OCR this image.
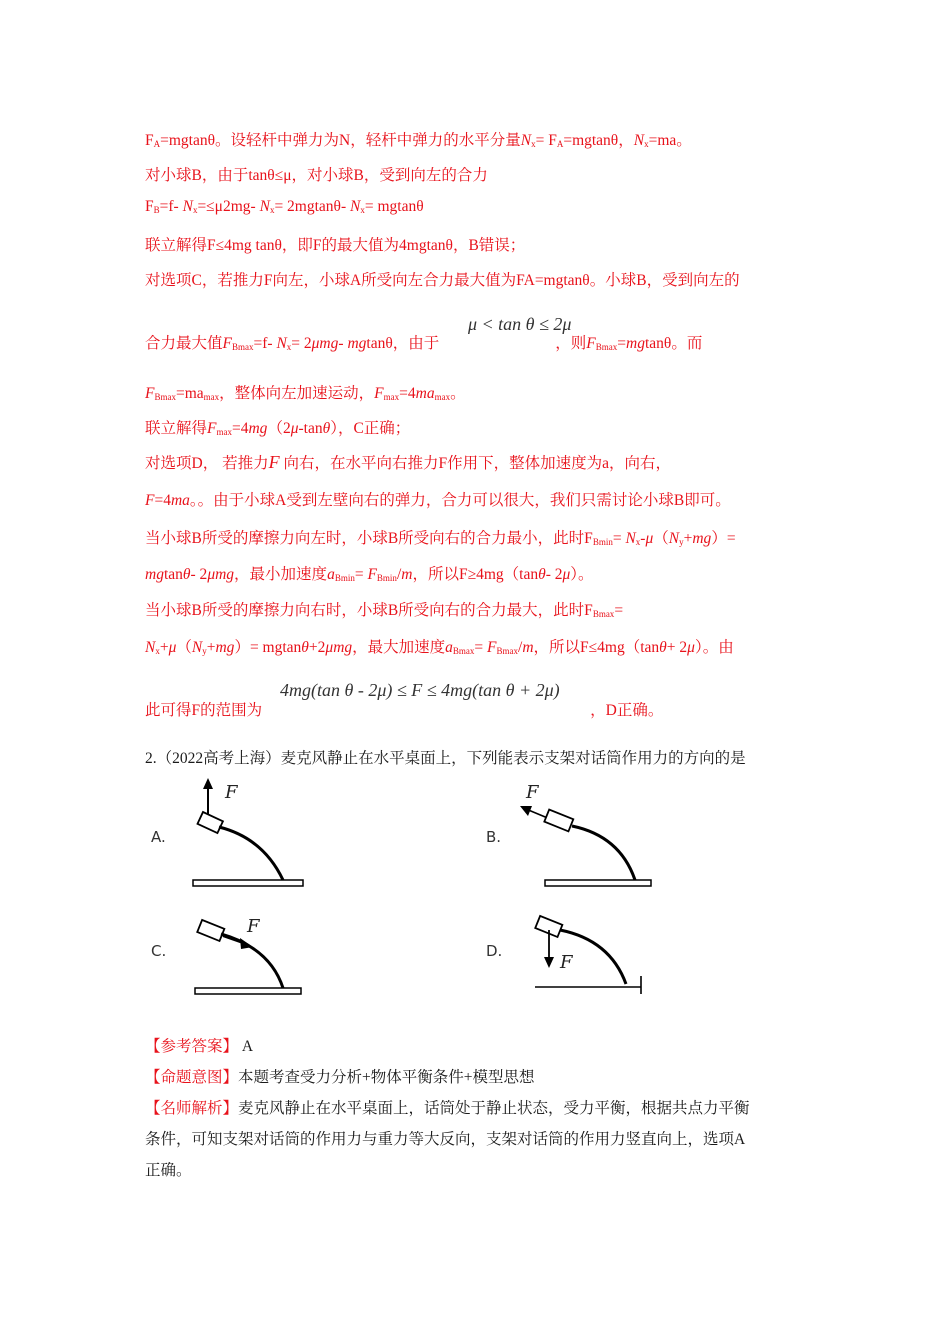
$F_A=mgtan\theta$。设轻杆中弹力为N，轻杆中弹力的水平分量$N_x= F_A=mgtan\theta$，$N_x=ma$。
对小球B，由于tanθ≤μ，对小球B，受到向左的合力
$F_B=f-$ $N_x=\le\mu 2mg-$ $N_x= 2mgtan\theta-$ $N_x= mgtan\theta$
联立解得F≤4mg tanθ，即F的最大值为4mgtanθ，B错误；
对选项C，若推力F向左，小球A所受向左合力最大值为FA=mgtanθ。小球B，受到向左的
合力最大值$F_{Bmax}=f-$ $N_x= 2\mu mg-$ mgtanθ，由于	，则$F_{Bmax}=mgtan\theta$。而
μ < tan θ ≤ 2μ
$F_{Bmax}=ma_{max}$，整体向左加速运动，$F_{max}=4ma_{max}$。
联立解得$F_{max}=4mg(2\mu-\tan\theta)$，C正确；
对选项D， 若推力F 向右，在水平向右推力F作用下，整体加速度为a，向右，
F=4ma。。由于小球A受到左壁向右的弹力，合力可以很大，我们只需讨论小球B即可。
当小球B所受的摩擦力向左时，小球B所受向右的合力最小，此时$F_{Bmin}= N_x-\mu(N_y+mg)=$
mgtanθ- 2μmg，最小加速度$a_{Bmin}= F_{Bmin}/m$，所以F≥4mg（tanθ- 2μ）。
当小球B所受的摩擦力向右时，小球B所受向右的合力最大，此时$F_{Bmax}=$
$N_x+\mu(N_y+mg)= mgtan\theta+2\mu mg$，最大加速度$a_{Bmax}= F_{Bmax}/m$，所以F≤4mg（tanθ+ 2μ）。由
4mg(tan θ - 2μ) ≤ F ≤ 4mg(tan θ + 2μ)
此可得F的范围为	，D正确。
2.（2022高考上海）麦克风静止在水平桌面上，下列能表示支架对话筒作用力的方向的是
A.
F
B.
F
C.
F
D.
F
【参考答案】 A
【命题意图】本题考查受力分析+物体平衡条件+模型思想
【名师解析】麦克风静止在水平桌面上，话筒处于静止状态，受力平衡，根据共点力平衡
条件，可知支架对话筒的作用力与重力等大反向，支架对话筒的作用力竖直向上，选项A
正确。
